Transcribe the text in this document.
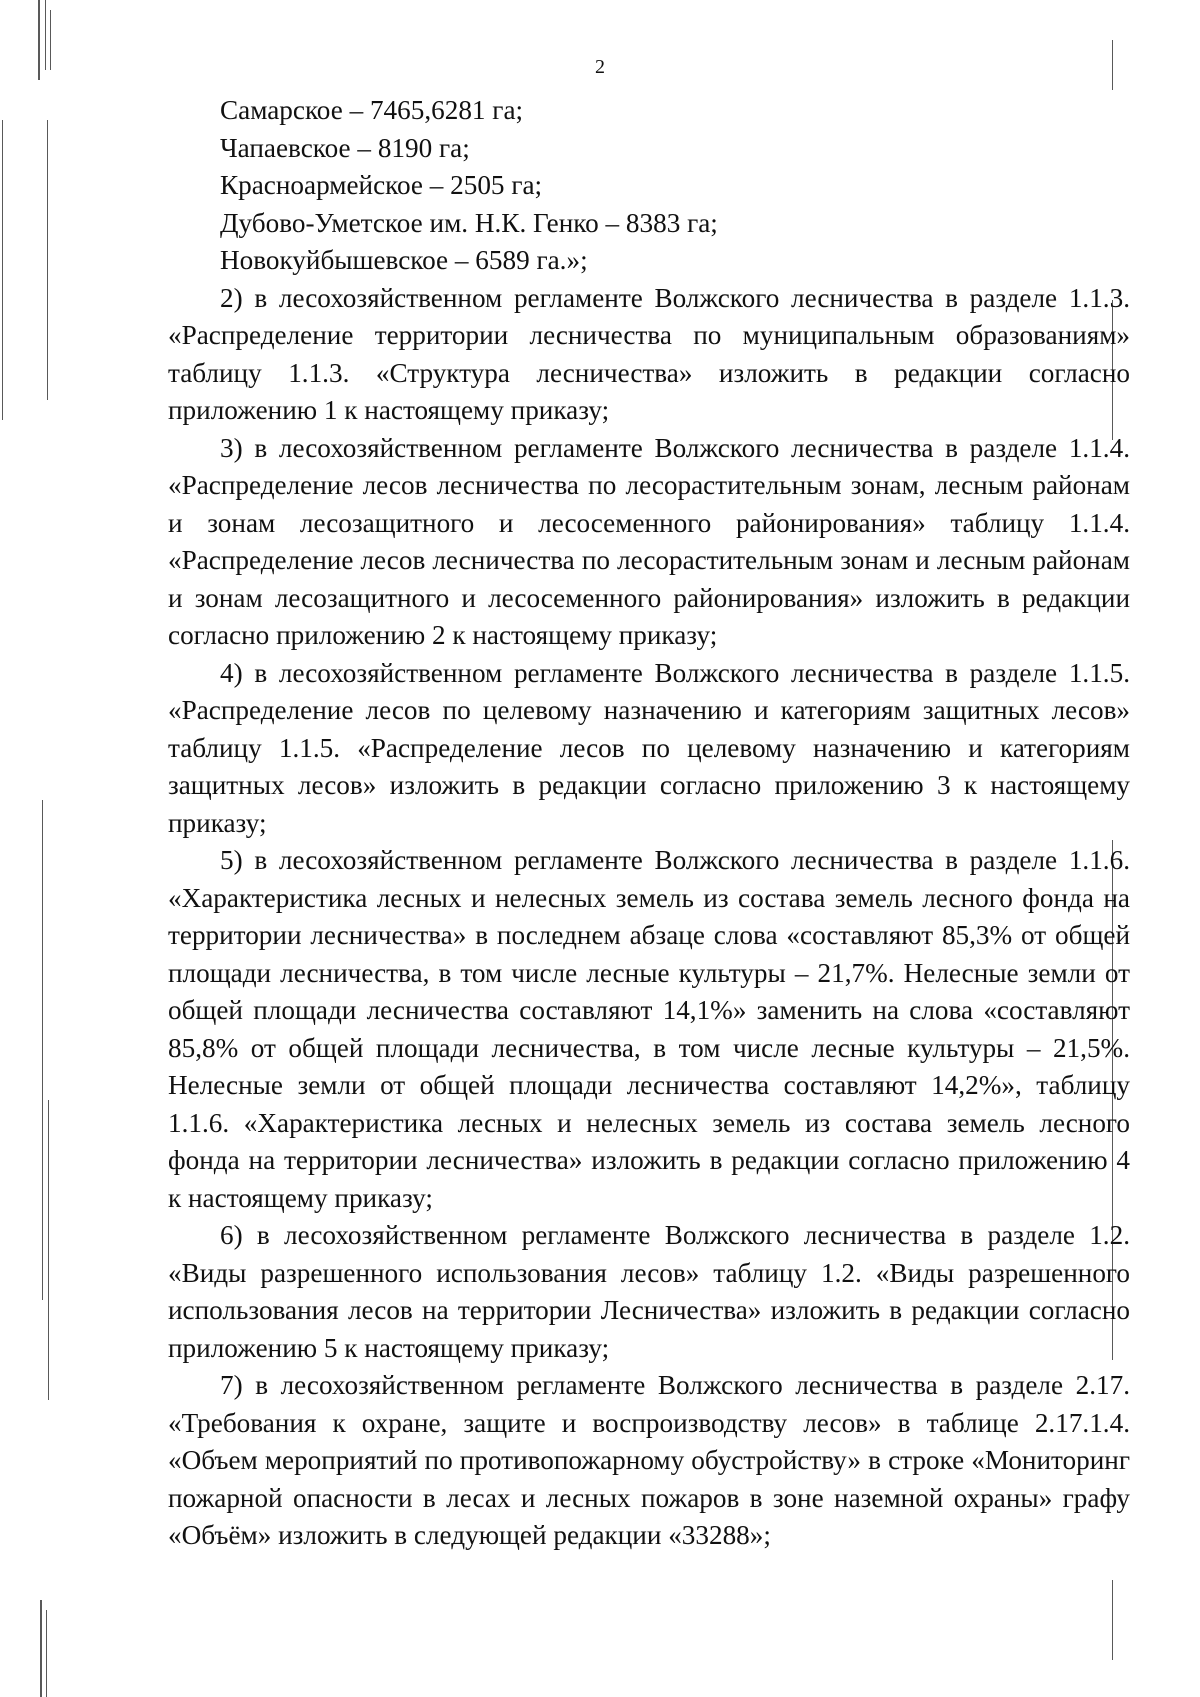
2

Самарское – 7465,6281 га;

Чапаевское – 8190 га;

Красноармейское – 2505 га;

Дубово-Уметское им. Н.К. Генко – 8383 га;

Новокуйбышевское – 6589 га.»;

2) в лесохозяйственном регламенте Волжского лесничества в разделе 1.1.3. «Распределение территории лесничества по муниципальным образованиям» таблицу 1.1.3. «Структура лесничества» изложить в редакции согласно приложению 1 к настоящему приказу;

3) в лесохозяйственном регламенте Волжского лесничества в разделе 1.1.4. «Распределение лесов лесничества по лесорастительным зонам, лесным районам и зонам лесозащитного и лесосеменного районирования» таблицу 1.1.4. «Распределение лесов лесничества по лесорастительным зонам и лесным районам и зонам лесозащитного и лесосеменного районирования» изложить в редакции согласно приложению 2 к настоящему приказу;

4) в лесохозяйственном регламенте Волжского лесничества в разделе 1.1.5. «Распределение лесов по целевому назначению и категориям защитных лесов» таблицу 1.1.5. «Распределение лесов по целевому назначению и категориям защитных лесов» изложить в редакции согласно приложению 3 к настоящему приказу;

5) в лесохозяйственном регламенте Волжского лесничества в разделе 1.1.6. «Характеристика лесных и нелесных земель из состава земель лесного фонда на территории лесничества» в последнем абзаце слова «составляют 85,3% от общей площади лесничества, в том числе лесные культуры – 21,7%. Нелесные земли от общей площади лесничества составляют 14,1%» заменить на слова «составляют 85,8% от общей площади лесничества, в том числе лесные культуры – 21,5%. Нелесные земли от общей площади лесничества составляют 14,2%», таблицу 1.1.6. «Характеристика лесных и нелесных земель из состава земель лесного фонда на территории лесничества» изложить в редакции согласно приложению 4 к настоящему приказу;

6) в лесохозяйственном регламенте Волжского лесничества в разделе 1.2. «Виды разрешенного использования лесов» таблицу 1.2. «Виды разрешенного использования лесов на территории Лесничества» изложить в редакции согласно приложению 5 к настоящему приказу;

7) в лесохозяйственном регламенте Волжского лесничества в разделе 2.17. «Требования к охране, защите и воспроизводству лесов» в таблице 2.17.1.4. «Объем мероприятий по противопожарному обустройству» в строке «Мониторинг пожарной опасности в лесах и лесных пожаров в зоне наземной охраны» графу «Объём» изложить в следующей редакции «33288»;
